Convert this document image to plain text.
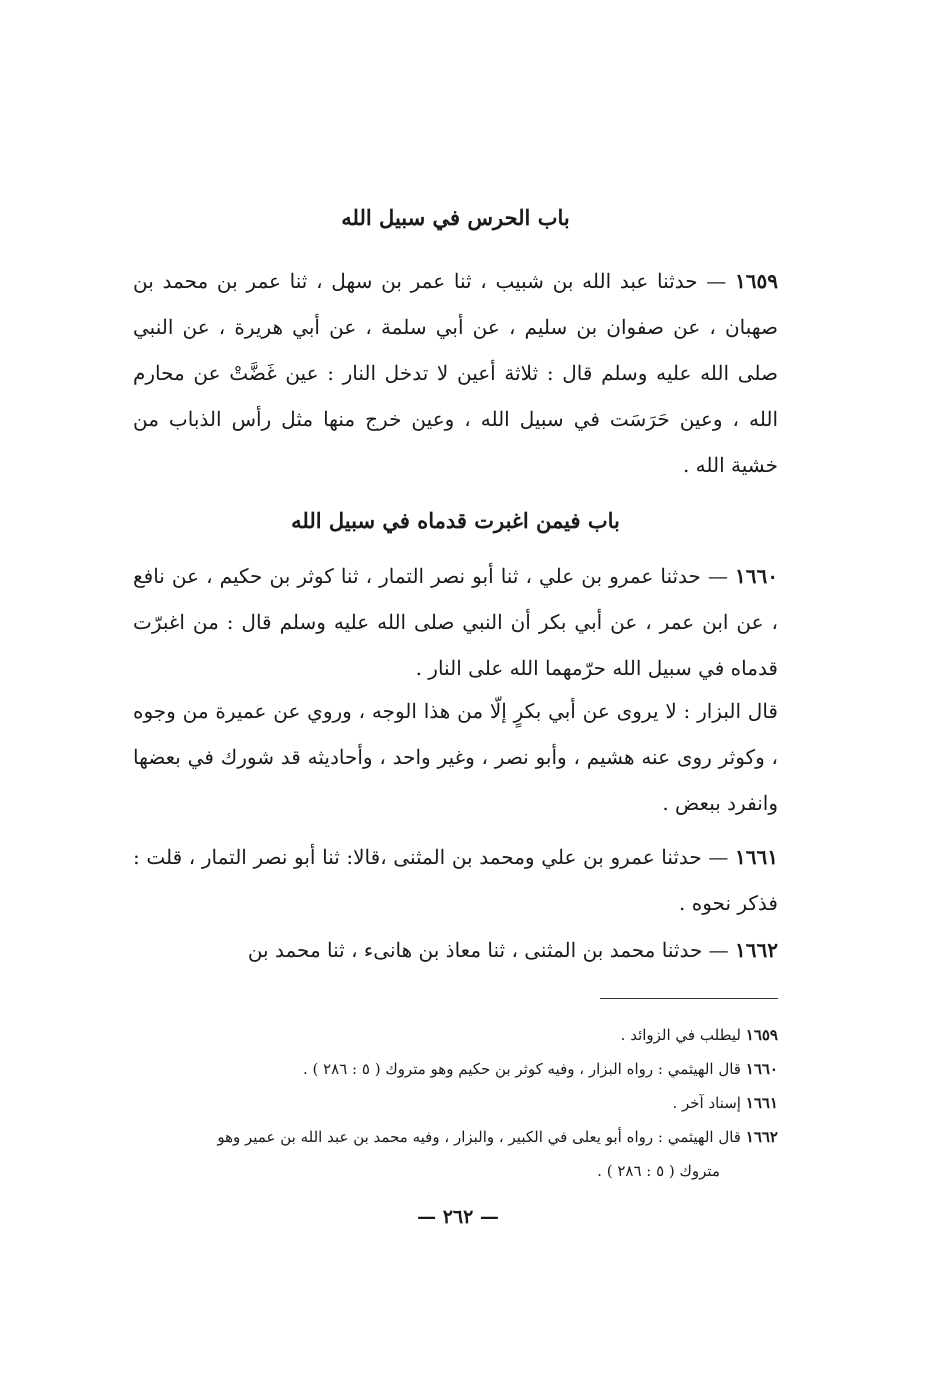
باب الحرس في سبيل الله

١٦٥٩ — حدثنا عبد الله بن شبيب ، ثنا عمر بن سهل ، ثنا عمر بن محمد بن صهبان ، عن صفوان بن سليم ، عن أبي سلمة ، عن أبي هريرة ، عن النبي صلى الله عليه وسلم قال : ثلاثة أعين لا تدخل النار : عين غَضَّتْ عن محارم الله ، وعين حَرَسَت في سبيل الله ، وعين خرج منها مثل رأس الذباب من خشية الله .

باب فيمن اغبرت قدماه في سبيل الله

١٦٦٠ — حدثنا عمرو بن علي ، ثنا أبو نصر التمار ، ثنا كوثر بن حكيم ، عن نافع ، عن ابن عمر ، عن أبي بكر أن النبي صلى الله عليه وسلم قال : من اغبرّت قدماه في سبيل الله حرّمهما الله على النار .

قال البزار : لا يروى عن أبي بكرٍ إلّا من هذا الوجه ، وروي عن عميرة من وجوه ، وكوثر روى عنه هشيم ، وأبو نصر ، وغير واحد ، وأحاديثه قد شورك في بعضها وانفرد ببعض .

١٦٦١ — حدثنا عمرو بن علي ومحمد بن المثنى ،قالا: ثنا أبو نصر التمار ، قلت : فذكر نحوه .

١٦٦٢ — حدثنا محمد بن المثنى ، ثنا معاذ بن هانىء ، ثنا محمد بن

١٦٥٩ ليطلب في الزوائد .

١٦٦٠ قال الهيثمي : رواه البزار ، وفيه كوثر بن حكيم وهو متروك ( ٥ : ٢٨٦ ) .

١٦٦١ إسناد آخر .

١٦٦٢ قال الهيثمي : رواه أبو يعلى في الكبير ، والبزار ، وفيه محمد بن عبد الله بن عمير وهو

متروك ( ٥ : ٢٨٦ ) .

— ٢٦٢ —
